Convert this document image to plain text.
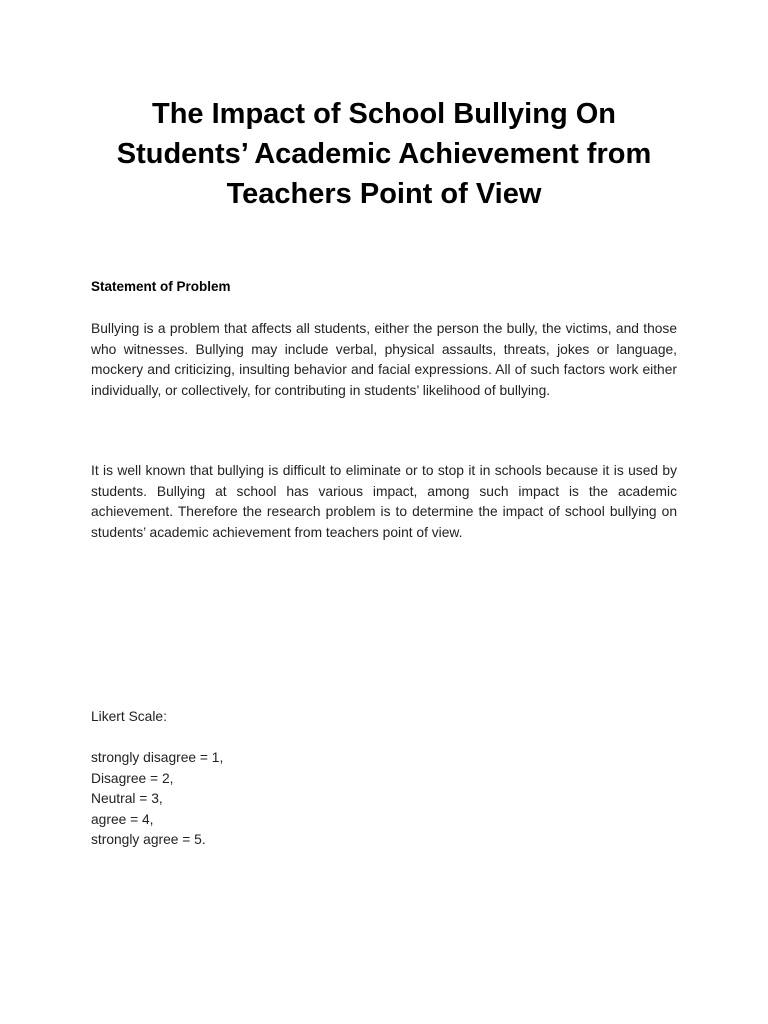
The Impact of School Bullying On
Students’ Academic Achievement from
Teachers Point of View
Statement of Problem

Bullying is a problem that affects all students, either the person the bully, the victims, and those who witnesses. Bullying may include verbal, physical assaults, threats, jokes or language, mockery and criticizing, insulting behavior and facial expressions. All of such factors work either individually, or collectively, for contributing in students’ likelihood of bullying.

It is well known that bullying is difficult to eliminate or to stop it in schools because it is used by students. Bullying at school has various impact, among such impact is the academic achievement. Therefore the research problem is to determine the impact of school bullying on students’ academic achievement from teachers point of view.

Likert Scale:

strongly disagree = 1,
Disagree = 2,
Neutral = 3,
agree = 4,
strongly agree = 5.
